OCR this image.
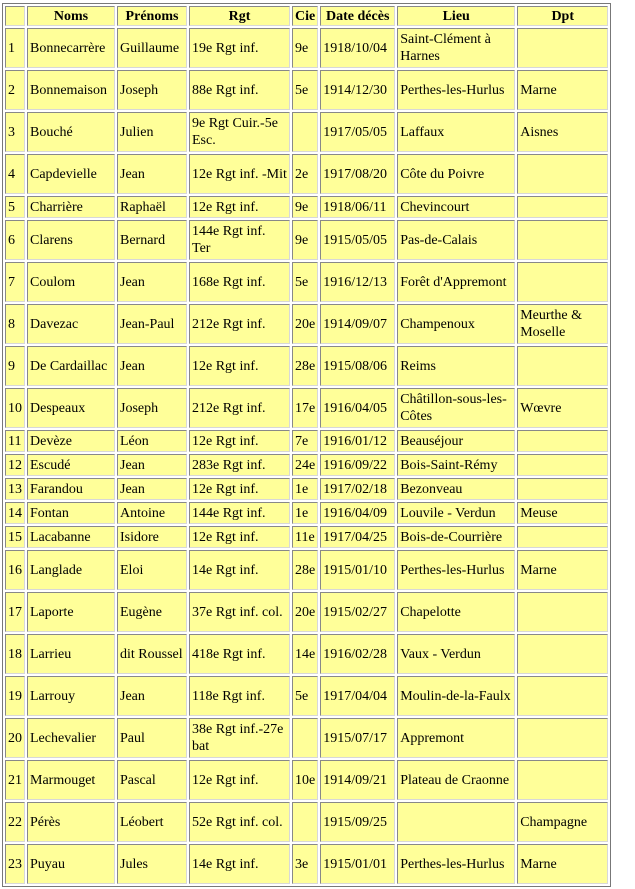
	Noms	Prénoms	Rgt	Cie	Date décès	Lieu	Dpt
1	Bonnecarrère	Guillaume	19e Rgt inf.	9e	1918/10/04	Saint-Clément à Harnes	
2	Bonnemaison	Joseph	88e Rgt inf.	5e	1914/12/30	Perthes-les-Hurlus	Marne
3	Bouché	Julien	9e Rgt Cuir.-5e Esc.		1917/05/05	Laffaux	Aisnes
4	Capdevielle	Jean	12e Rgt inf. -Mit	2e	1917/08/20	Côte du Poivre	
5	Charrière	Raphaël	12e Rgt inf.	9e	1918/06/11	Chevincourt	
6	Clarens	Bernard	144e Rgt inf. Ter	9e	1915/05/05	Pas-de-Calais	
7	Coulom	Jean	168e Rgt inf.	5e	1916/12/13	Forêt d'Appremont	
8	Davezac	Jean-Paul	212e Rgt inf.	20e	1914/09/07	Champenoux	Meurthe & Moselle
9	De Cardaillac	Jean	12e Rgt inf.	28e	1915/08/06	Reims	
10	Despeaux	Joseph	212e Rgt inf.	17e	1916/04/05	Châtillon-sous-les-Côtes	Wœvre
11	Devèze	Léon	12e Rgt inf.	7e	1916/01/12	Beauséjour	
12	Escudé	Jean	283e Rgt inf.	24e	1916/09/22	Bois-Saint-Rémy	
13	Farandou	Jean	12e Rgt inf.	1e	1917/02/18	Bezonveau	
14	Fontan	Antoine	144e Rgt inf.	1e	1916/04/09	Louvile - Verdun	Meuse
15	Lacabanne	Isidore	12e Rgt inf.	11e	1917/04/25	Bois-de-Courrière	
16	Langlade	Eloi	14e Rgt inf.	28e	1915/01/10	Perthes-les-Hurlus	Marne
17	Laporte	Eugène	37e Rgt inf. col.	20e	1915/02/27	Chapelotte	
18	Larrieu	dit Roussel	418e Rgt inf.	14e	1916/02/28	Vaux - Verdun	
19	Larrouy	Jean	118e Rgt inf.	5e	1917/04/04	Moulin-de-la-Faulx	
20	Lechevalier	Paul	38e Rgt inf.-27e bat		1915/07/17	Appremont	
21	Marmouget	Pascal	12e Rgt inf.	10e	1914/09/21	Plateau de Craonne	
22	Pérès	Léobert	52e Rgt inf. col.		1915/09/25		Champagne
23	Puyau	Jules	14e Rgt inf.	3e	1915/01/01	Perthes-les-Hurlus	Marne
